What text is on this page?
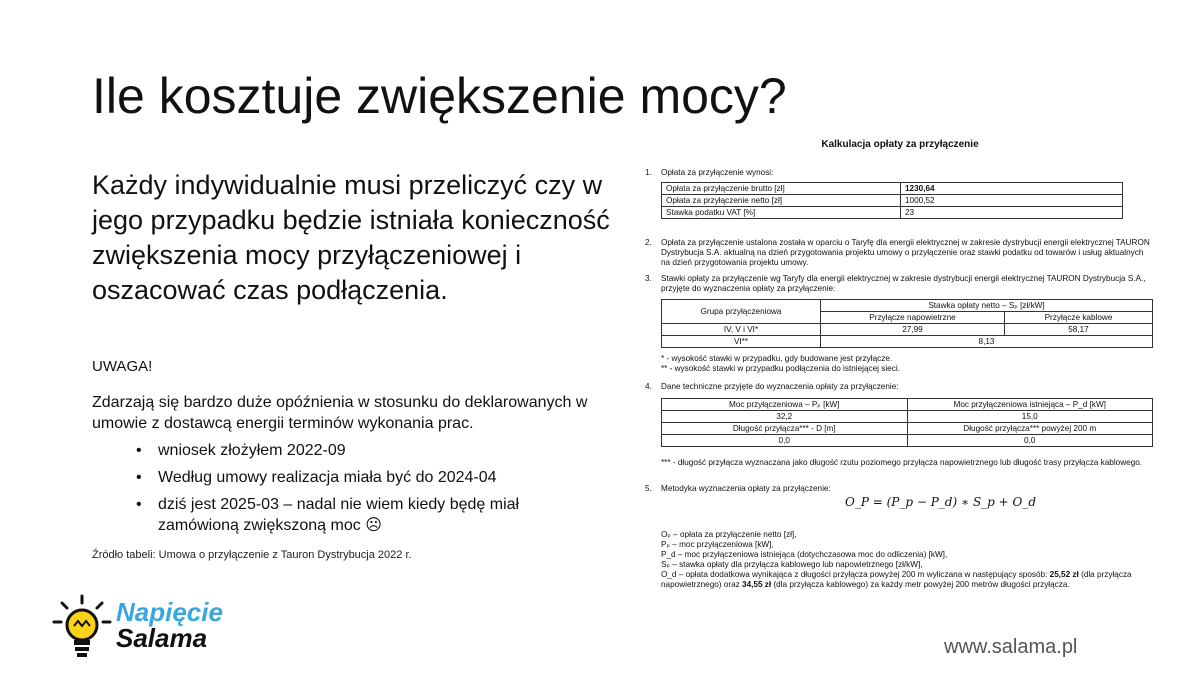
Ile kosztuje zwiększenie mocy?

Każdy indywidualnie musi przeliczyć czy w jego przypadku będzie istniała konieczność zwiększenia mocy przyłączeniowej i oszacować czas podłączenia.

UWAGA!
Zdarzają się bardzo duże opóźnienia w stosunku do deklarowanych w umowie z dostawcą energii terminów wykonania prac.
• wniosek złożyłem 2022-09
• Według umowy realizacja miała być do 2024-04
• dziś jest 2025-03 – nadal nie wiem kiedy będę miał zamówioną zwiększoną moc ☹
Źródło tabeli: Umowa o przyłączenie z Tauron Dystrybucja 2022 r.
Napięcie
Salama	www.salama.pl
Kalkulacja opłaty za przyłączenie
1. Opłata za przyłączenie wynosi:
Opłata za przyłączenie brutto [zł]	1230,64
Opłata za przyłączenie netto [zł]	1000,52
Stawka podatku VAT [%]	23
2. Opłata za przyłączenie ustalona została w oparciu o Taryfę dla energii elektrycznej w zakresie dystrybucji energii elektrycznej TAURON Dystrybucja S.A. aktualną na dzień przygotowania projektu umowy o przyłączenie oraz stawki podatku od towarów i usług aktualnych na dzień przygotowania projektu umowy.
3. Stawki opłaty za przyłączenie wg Taryfy dla energii elektrycznej w zakresie dystrybucji energii elektrycznej TAURON Dystrybucja S.A., przyjęte do wyznaczenia opłaty za przyłączenie:
Grupa przyłączeniowa	Stawka opłaty netto – Sₚ [zł/kW]	
	Przyłącze napowietrzne	Przyłącze kablowe
IV, V i VI*	27,99	58,17
VI**	8,13	
* - wysokość stawki w przypadku, gdy budowane jest przyłącze.
** - wysokość stawki w przypadku podłączenia do istniejącej sieci.
4. Dane techniczne przyjęte do wyznaczenia opłaty za przyłączenie:
Moc przyłączeniowa – Pₚ [kW]	Moc przyłączeniowa istniejąca – P_d [kW]
32,2	15,0
Długość przyłącza*** - D [m]	Długość przyłącza*** powyżej 200 m
0,0	0,0
*** - długość przyłącza wyznaczana jako długość rzutu poziomego przyłącza napowietrznego lub długość trasy przyłącza kablowego.
5. Metodyka wyznaczenia opłaty za przyłączenie:
O_P = (P_p − P_d) ∗ S_p + O_d
Oₚ – opłata za przyłączenie netto [zł],
Pₚ – moc przyłączeniowa [kW],
P_d – moc przyłączeniowa istniejąca (dotychczasowa moc do odliczenia) [kW],
Sₚ – stawka opłaty dla przyłącza kablowego lub napowietrznego [zł/kW],
O_d – opłata dodatkowa wynikająca z długości przyłącza powyżej 200 m wyliczana w następujący sposób: 25,52 zł (dla przyłącza napowietrznego) oraz 34,55 zł (dla przyłącza kablowego) za każdy metr powyżej 200 metrów długości przyłącza.
